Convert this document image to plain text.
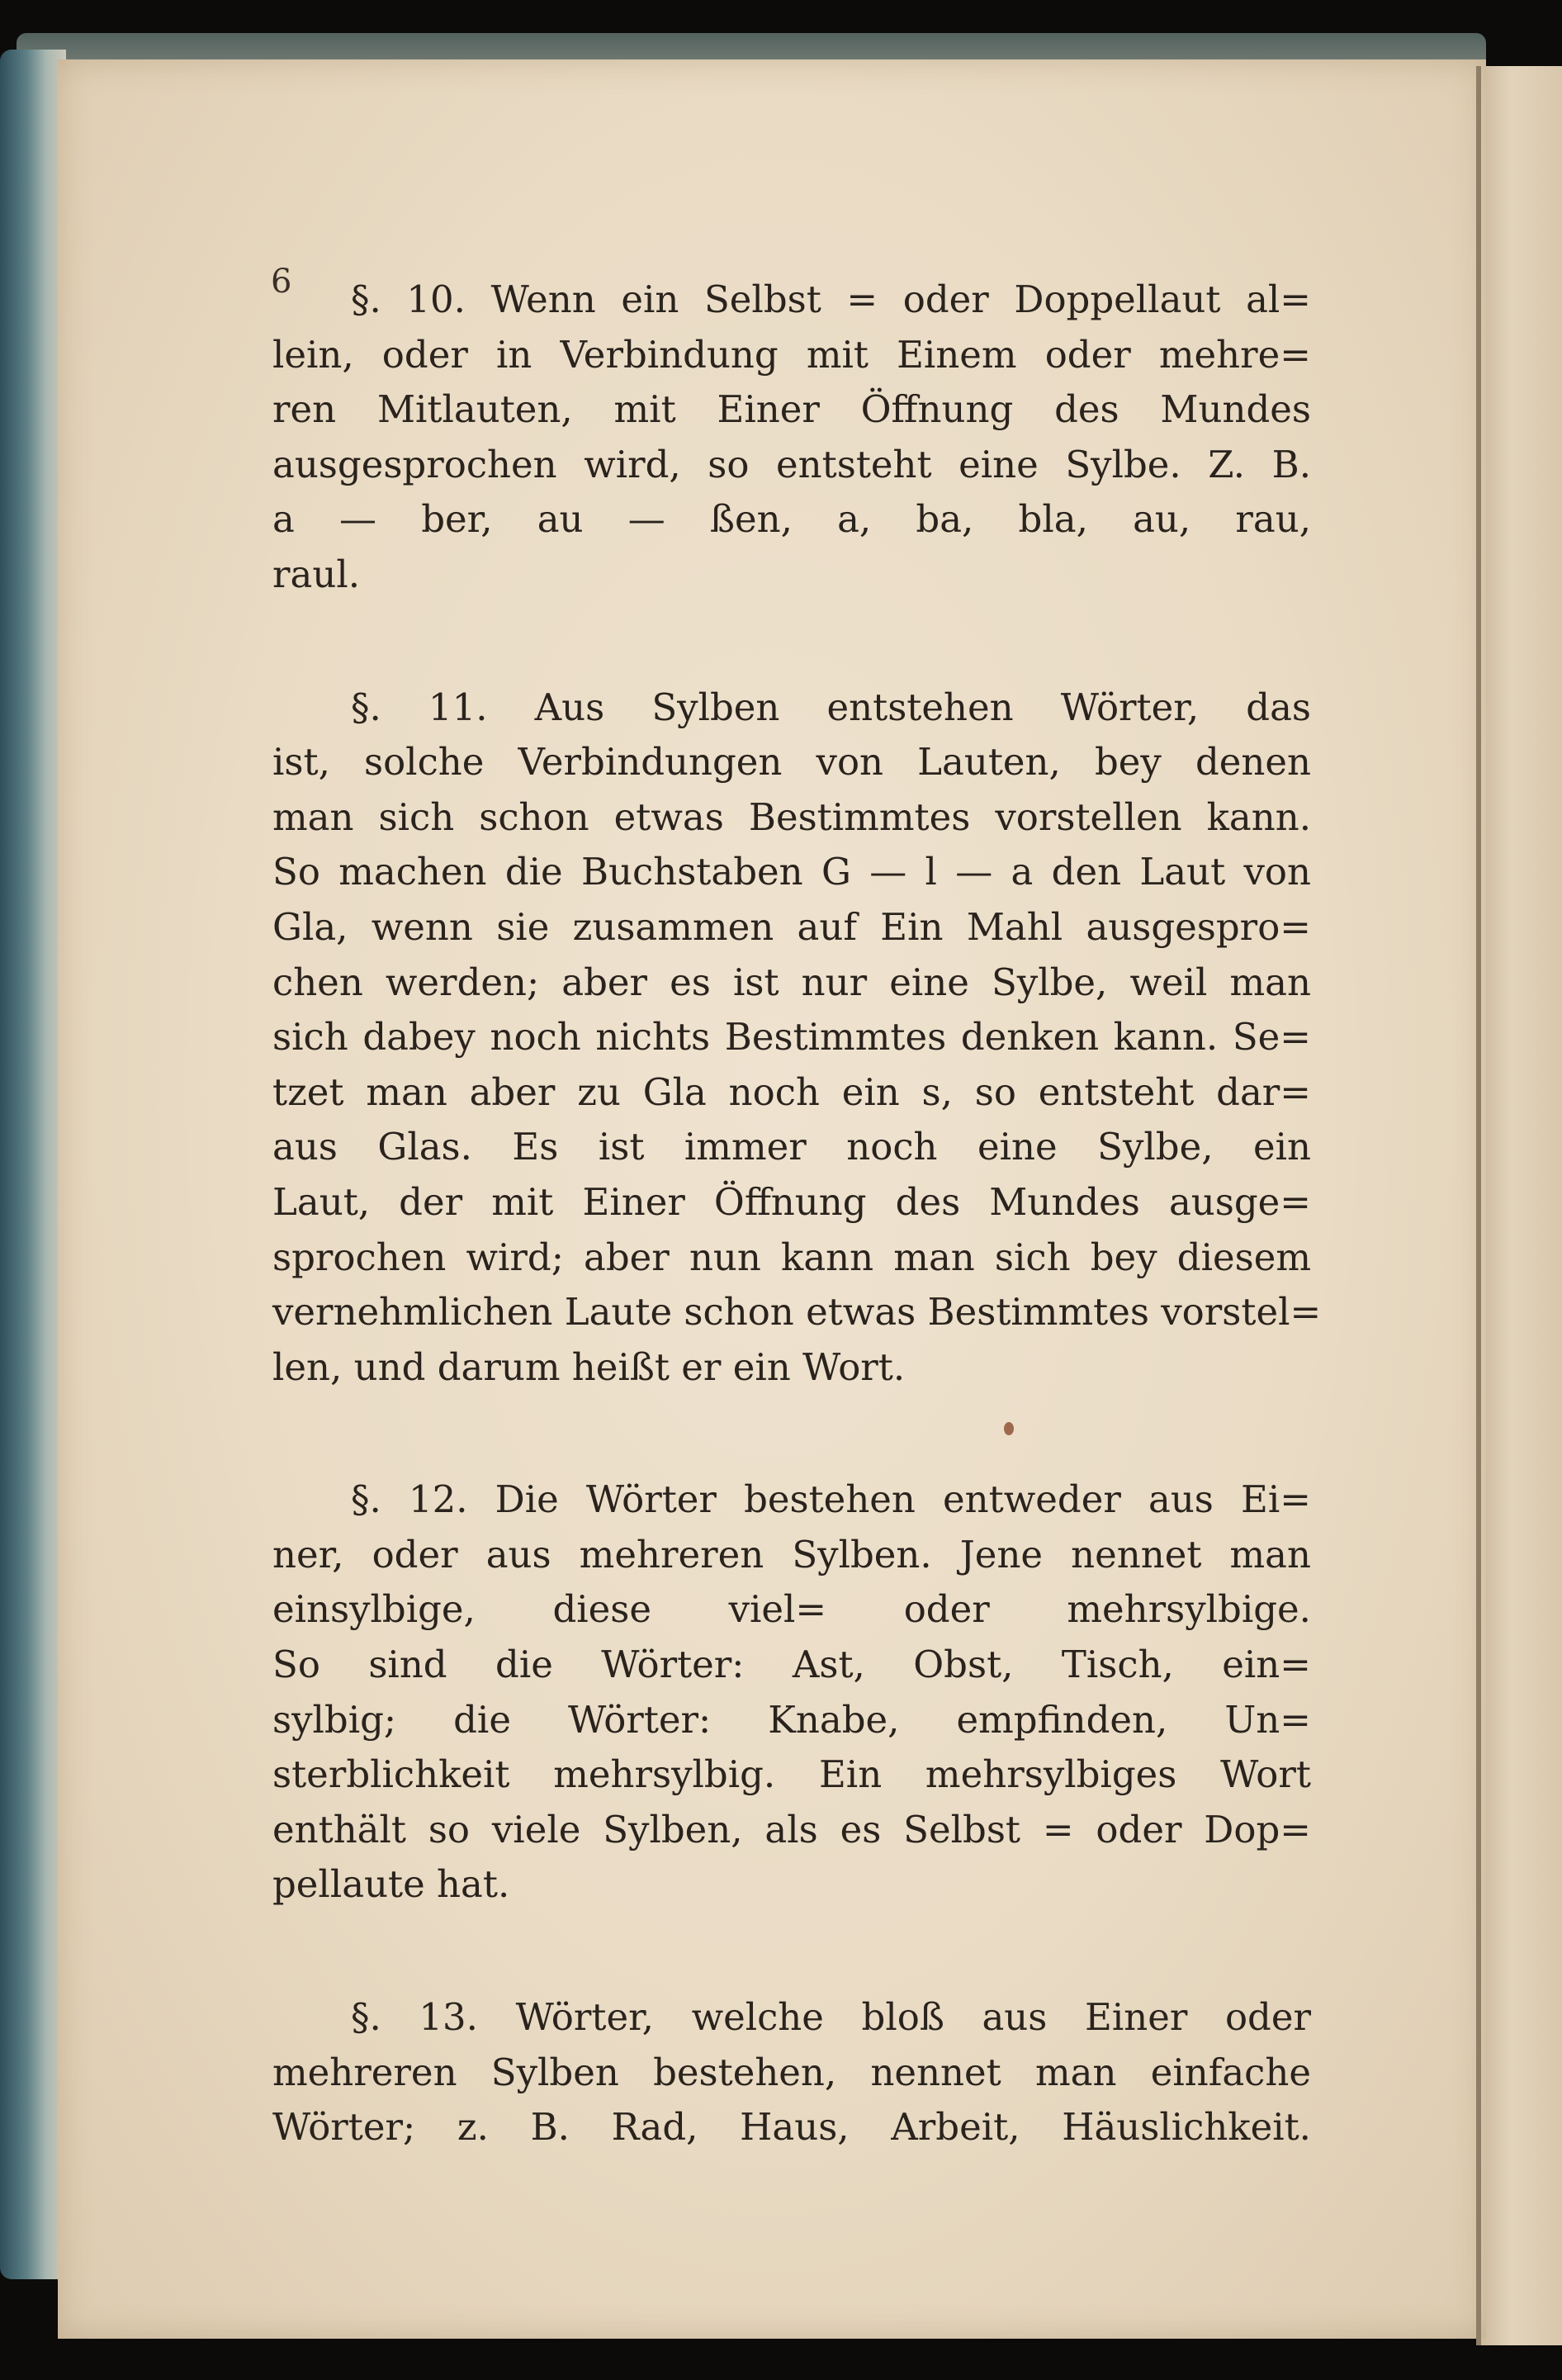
6	§. 10. Wenn ein Selbst = oder Doppellaut al=
lein, oder in Verbindung mit Einem oder mehre=
ren Mitlauten, mit Einer Öffnung des Mundes
ausgesprochen wird, so entsteht eine Sylbe. Z. B.
a — ber, au — ßen, a, ba, bla, au, rau,
raul.
§. 11. Aus Sylben entstehen Wörter, das
ist, solche Verbindungen von Lauten, bey denen
man sich schon etwas Bestimmtes vorstellen kann.
So machen die Buchstaben G — l — a den Laut von
Gla, wenn sie zusammen auf Ein Mahl ausgespro=
chen werden; aber es ist nur eine Sylbe, weil man
sich dabey noch nichts Bestimmtes denken kann. Se=
tzet man aber zu Gla noch ein s, so entsteht dar=
aus Glas. Es ist immer noch eine Sylbe, ein
Laut, der mit Einer Öffnung des Mundes ausge=
sprochen wird; aber nun kann man sich bey diesem
vernehmlichen Laute schon etwas Bestimmtes vorstel=
len, und darum heißt er ein Wort.
§. 12. Die Wörter bestehen entweder aus Ei=
ner, oder aus mehreren Sylben. Jene nennet man
einsylbige, diese viel= oder mehrsylbige.
So sind die Wörter: Ast, Obst, Tisch, ein=
sylbig; die Wörter: Knabe, empfinden, Un=
sterblichkeit mehrsylbig. Ein mehrsylbiges Wort
enthält so viele Sylben, als es Selbst = oder Dop=
pellaute hat.
§. 13. Wörter, welche bloß aus Einer oder
mehreren Sylben bestehen, nennet man einfache
Wörter; z. B. Rad, Haus, Arbeit, Häuslichkeit.
